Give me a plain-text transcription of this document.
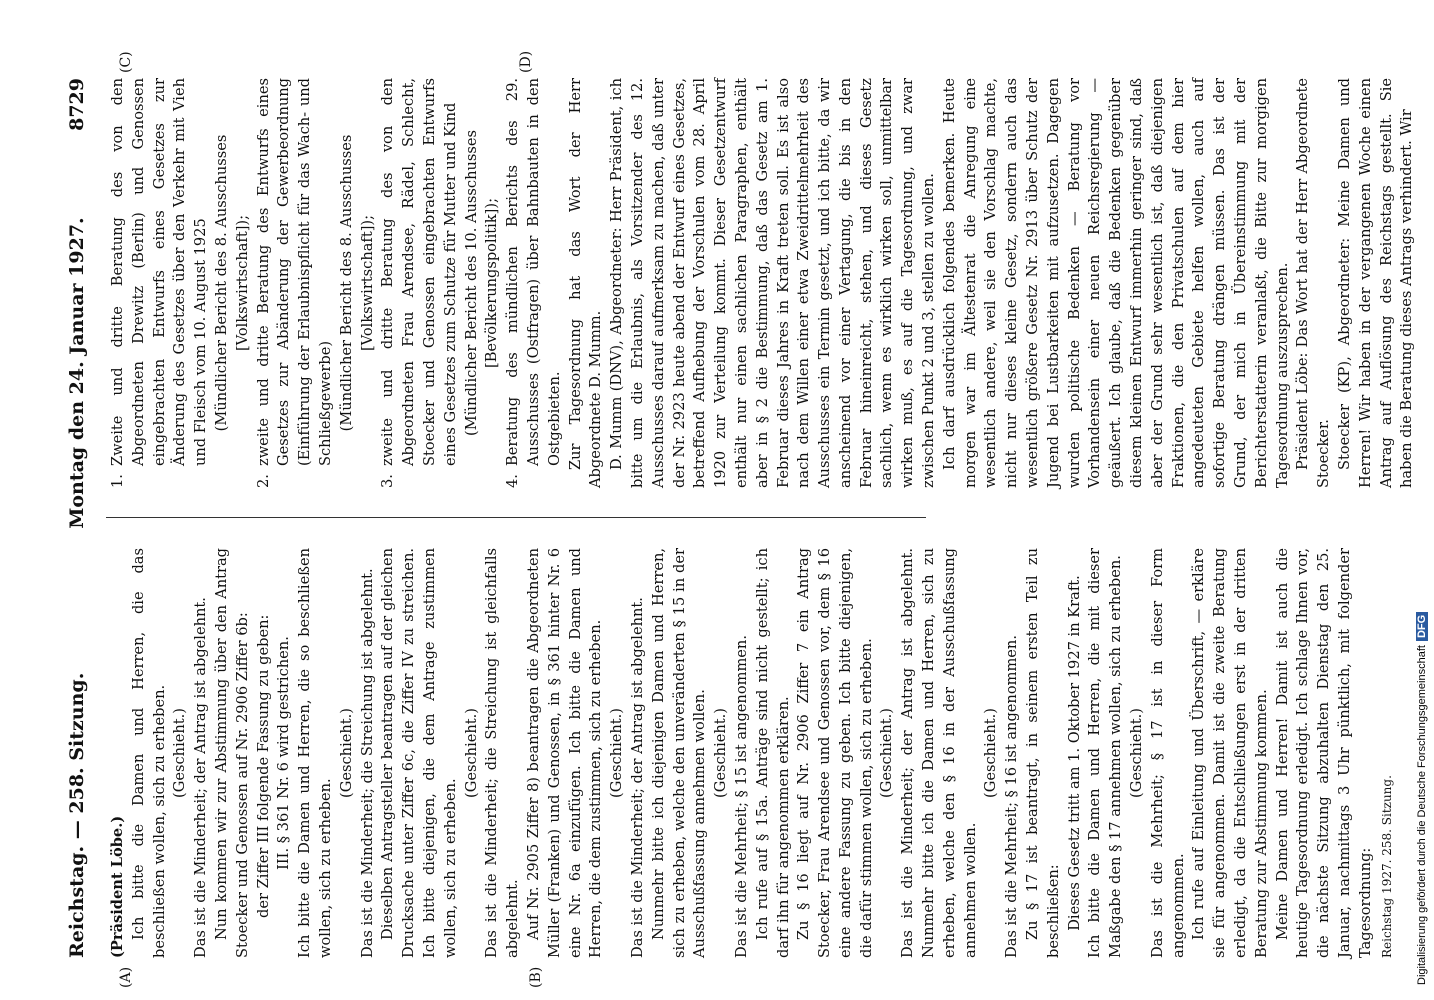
Reichstag. — 258. Sitzung.
Montag den 24. Januar 1927.
8729
(A)	(B)
(C)	(D)

(Präsident Löbe.) Ich bitte die Damen und Herren, die das beschließen wollen, sich zu erheben. (Geschieht.) Das ist die Minderheit; der Antrag ist abgelehnt. Nun kommen wir zur Abstimmung über den Antrag Stoecker und Genossen auf Nr. 2906 Ziffer 6b: der Ziffer III folgende Fassung zu geben: III. § 361 Nr. 6 wird gestrichen. Ich bitte die Damen und Herren, die so beschließen wollen, sich zu erheben.

(Geschieht.) Das ist die Minderheit; die Streichung ist abgelehnt. Dieselben Antragsteller beantragen auf der gleichen Drucksache unter Ziffer 6c, die Ziffer IV zu streichen. Ich bitte diejenigen, die dem Antrage zustimmen wollen, sich zu erheben.

(Geschieht.) Das ist die Minderheit; die Streichung ist gleichfalls abgelehnt. Auf Nr. 2905 Ziffer 8) beantragen die Abgeordneten Müller (Franken) und Genossen, in § 361 hinter Nr. 6 eine Nr. 6a einzufügen. Ich bitte die Damen und Herren, die dem zustimmen, sich zu erheben. (Geschieht.) Das ist die Minderheit; der Antrag ist abgelehnt. Nunmehr bitte ich diejenigen Damen und Herren, sich zu erheben, welche den unveränderten § 15 in der Ausschußfassung annehmen wollen. (Geschieht.) Das ist die Mehrheit; § 15 ist angenommen. Ich rufe auf § 15a. Anträge sind nicht gestellt; ich darf ihn für angenommen erklären. Zu § 16 liegt auf Nr. 2906 Ziffer 7 ein Antrag Stoecker, Frau Arendsee und Genossen vor, dem § 16 eine andere Fassung zu geben. Ich bitte diejenigen, die dafür stimmen wollen, sich zu erheben. (Geschieht.) Das ist die Minderheit; der Antrag ist abgelehnt. Nunmehr bitte ich die Damen und Herren, sich zu erheben, welche den § 16 in der Ausschußfassung annehmen wollen.

(Geschieht.) Das ist die Mehrheit; § 16 ist angenommen. Zu § 17 ist beantragt, in seinem ersten Teil zu beschließen: Dieses Gesetz tritt am 1. Oktober 1927 in Kraft. Ich bitte die Damen und Herren, die mit dieser Maßgabe den § 17 annehmen wollen, sich zu erheben. (Geschieht.) Das ist die Mehrheit; § 17 ist in dieser Form angenommen. Ich rufe auf Einleitung und Überschrift, — erkläre sie für angenommen. Damit ist die zweite Beratung erledigt, da die Entschließungen erst in der dritten Beratung zur Abstimmung kommen. Meine Damen und Herren! Damit ist auch die heutige Tagesordnung erledigt. Ich schlage Ihnen vor, die nächste Sitzung abzuhalten Dienstag den 25. Januar, nachmittags 3 Uhr pünktlich, mit folgender Tagesordnung: Reichstag 1927. 258. Sitzung.

1.
Zweite und dritte Beratung des von den Abgeordneten Drewitz (Berlin) und Genossen eingebrachten Entwurfs eines Gesetzes zur Änderung des Gesetzes über den Verkehr mit Vieh und Fleisch vom 10. August 1925 (Mündlicher Bericht des 8. Ausschusses [Volkswirtschaft]);

2.
zweite und dritte Beratung des Entwurfs eines Gesetzes zur Abänderung der Gewerbeordnung (Einführung der Erlaubnispflicht für das Wach- und Schließgewerbe) (Mündlicher Bericht des 8. Ausschusses [Volkswirtschaft]);

3.
zweite und dritte Beratung des von den Abgeordneten Frau Arendsee, Rädel, Schlecht, Stoecker und Genossen eingebrachten Entwurfs eines Gesetzes zum Schutze für Mutter und Kind (Mündlicher Bericht des 10. Ausschusses [Bevölkerungspolitik]);

4.
Beratung des mündlichen Berichts des 29. Ausschusses (Ostfragen) über Bahnbauten in den Ostgebieten. Zur Tagesordnung hat das Wort der Herr Abgeordnete D. Mumm. D. Mumm (DNV), Abgeordneter: Herr Präsident, ich bitte um die Erlaubnis, als Vorsitzender des 12. Ausschusses darauf aufmerksam zu machen, daß unter der Nr. 2923 heute abend der Entwurf eines Gesetzes, betreffend Aufhebung der Vorschulen vom 28. April 1920 zur Verteilung kommt. Dieser Gesetzentwurf enthält nur einen sachlichen Paragraphen, enthält aber in § 2 die Bestimmung, daß das Gesetz am 1. Februar dieses Jahres in Kraft treten soll. Es ist also nach dem Willen einer etwa Zweidrittelmehrheit des Ausschusses ein Termin gesetzt, und ich bitte, da wir anscheinend vor einer Vertagung, die bis in den Februar hineinreicht, stehen, und dieses Gesetz sachlich, wenn es wirklich wirken soll, unmittelbar wirken muß, es auf die Tagesordnung, und zwar zwischen Punkt 2 und 3, stellen zu wollen. Ich darf ausdrücklich folgendes bemerken. Heute morgen war im Ältestenrat die Anregung eine wesentlich andere, weil sie den Vorschlag machte, nicht nur dieses kleine Gesetz, sondern auch das wesentlich größere Gesetz Nr. 2913 über Schutz der Jugend bei Lustbarkeiten mit aufzusetzen. Dagegen wurden politische Bedenken — Beratung vor Vorhandensein einer neuen Reichsregierung — geäußert. Ich glaube, daß die Bedenken gegenüber diesem kleinen Entwurf immerhin geringer sind, daß aber der Grund sehr wesentlich ist, daß diejenigen Fraktionen, die den Privatschulen auf dem hier angedeuteten Gebiete helfen wollen, auch auf sofortige Beratung drängen müssen. Das ist der Grund, der mich in Übereinstimmung mit der Berichterstatterin veranlaßt, die Bitte zur morgigen Tagesordnung auszusprechen. Präsident Löbe: Das Wort hat der Herr Abgeordnete Stoecker. Stoecker (KP), Abgeordneter: Meine Damen und Herren! Wir haben in der vergangenen Woche einen Antrag auf Auflösung des Reichstags gestellt. Sie haben die Beratung dieses Antrags verhindert. Wir

Digitalisierung gefördert durch die Deutsche ForschungsgemeinschaftDFG
